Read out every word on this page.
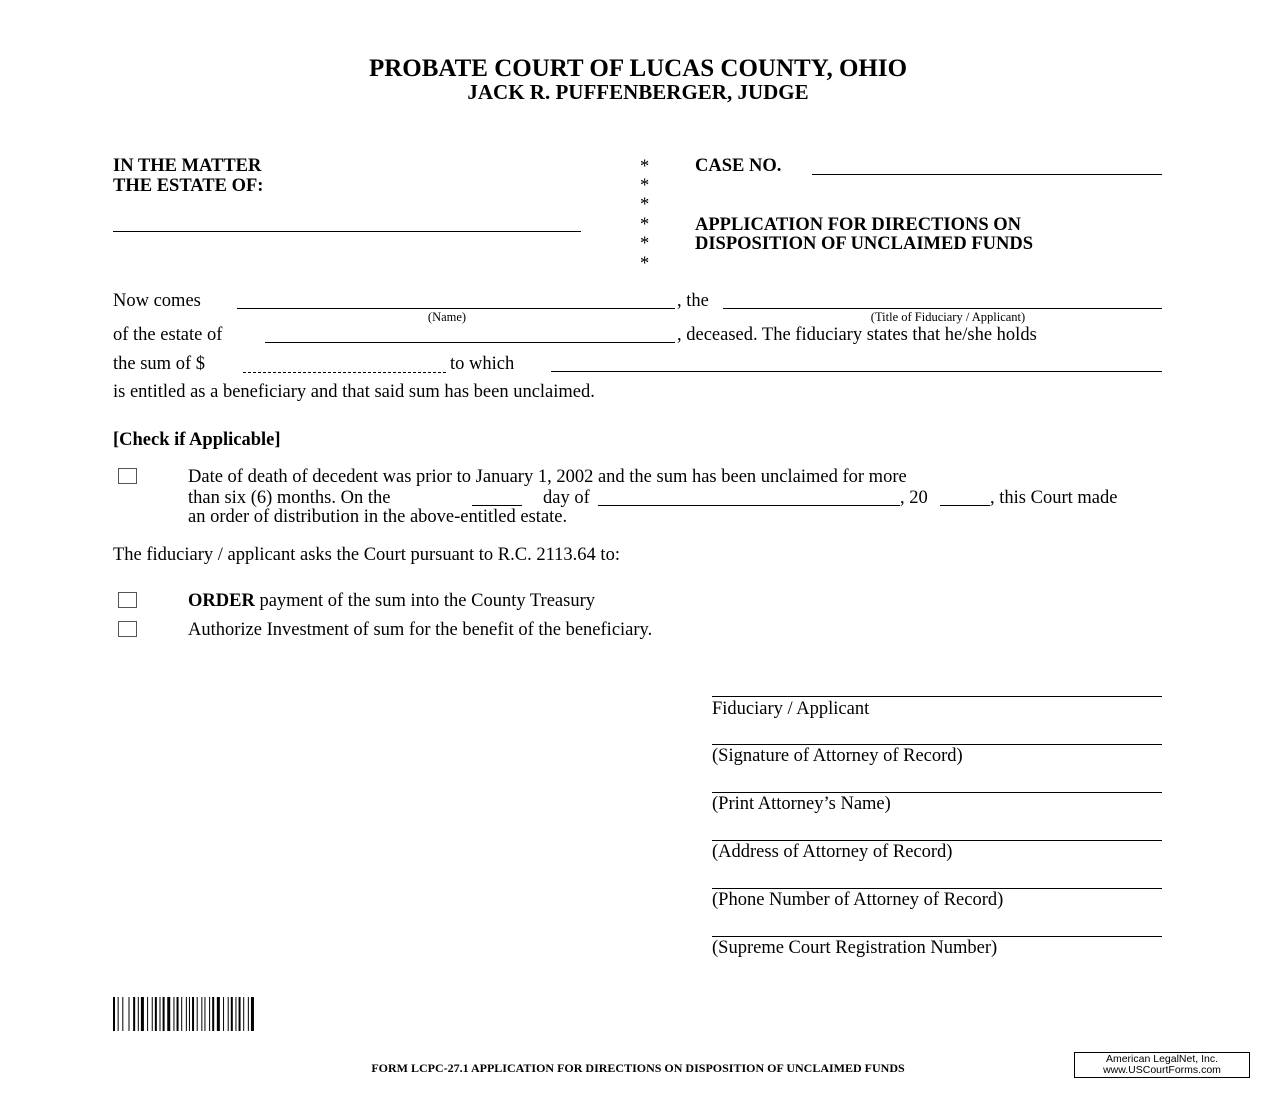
PROBATE COURT OF LUCAS COUNTY, OHIO
JACK R. PUFFENBERGER, JUDGE
IN THE MATTER
THE ESTATE OF:
*
*
*
*
*
*
CASE NO.
APPLICATION FOR DIRECTIONS ON
DISPOSITION OF UNCLAIMED FUNDS
Now comes	, the
(Name)	(Title of Fiduciary / Applicant)
of the estate of	, deceased. The fiduciary states that he/she holds
the sum of $	to which
is entitled as a beneficiary and that said sum has been unclaimed.
[Check if Applicable]
Date of death of decedent was prior to January 1, 2002 and the sum has been unclaimed for more
than six (6) months. On the	day of	, 20	, this Court made
an order of distribution in the above-entitled estate.
The fiduciary / applicant asks the Court pursuant to R.C. 2113.64 to:
ORDER payment of the sum into the County Treasury
Authorize Investment of sum for the benefit of the beneficiary.
Fiduciary / Applicant
(Signature of Attorney of Record)
(Print Attorney’s Name)
(Address of Attorney of Record)
(Phone Number of Attorney of Record)
(Supreme Court Registration Number)
FORM LCPC-27.1 APPLICATION FOR DIRECTIONS ON DISPOSITION OF UNCLAIMED FUNDS
American LegalNet, Inc.
www.USCourtForms.com
